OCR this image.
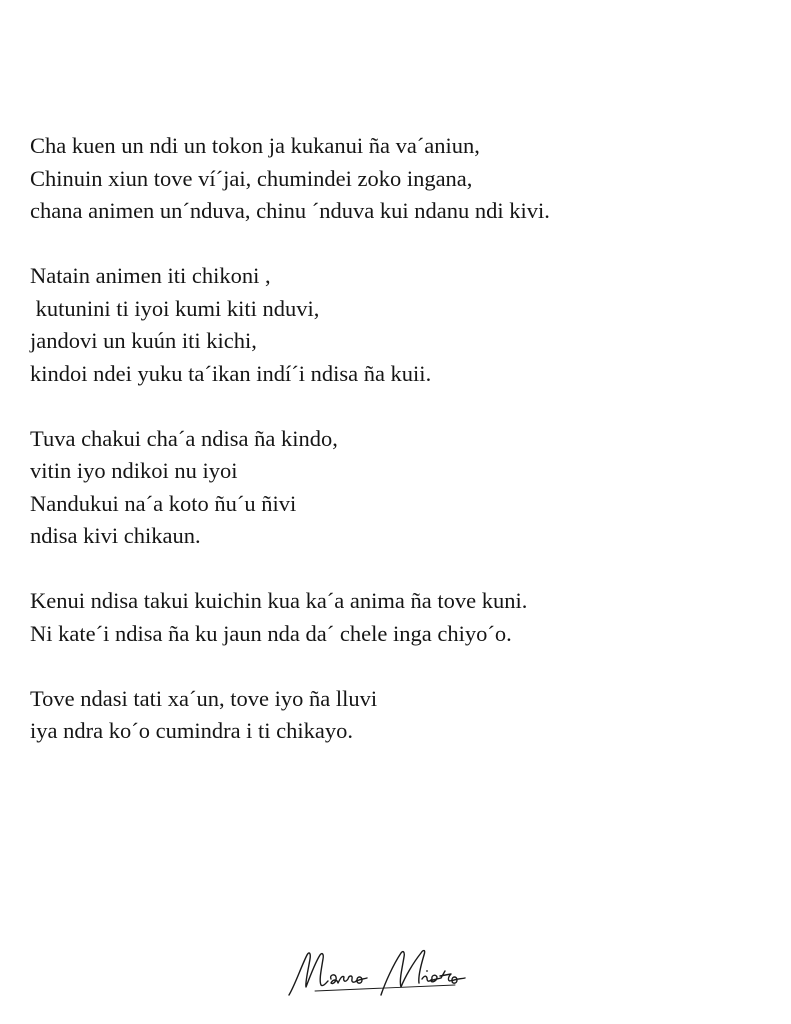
Cha kuen un ndi un tokon ja kukanui ña va´aniun,
Chinuin xiun tove ví´jai, chumindei zoko ingana,
chana animen un´nduva, chinu ´nduva kui ndanu ndi kivi.

Natain animen iti chikoni ,
kutunini ti iyoi kumi kiti nduvi,
jandovi un kuún iti kichi,
kindoi ndei yuku ta´ikan indí´i ndisa ña kuii.

Tuva chakui cha´a ndisa ña kindo,
vitin iyo ndikoi nu iyoi
Nandukui na´a koto ñu´u ñivi
ndisa kivi chikaun.

Kenui ndisa takui kuichin kua ka´a anima ña tove kuni.
Ni kate´i ndisa ña ku jaun nda da´ chele inga chiyo´o.

Tove ndasi tati xa´un, tove iyo ña lluvi
iya ndra ko´o cumindra i ti chikayo.
